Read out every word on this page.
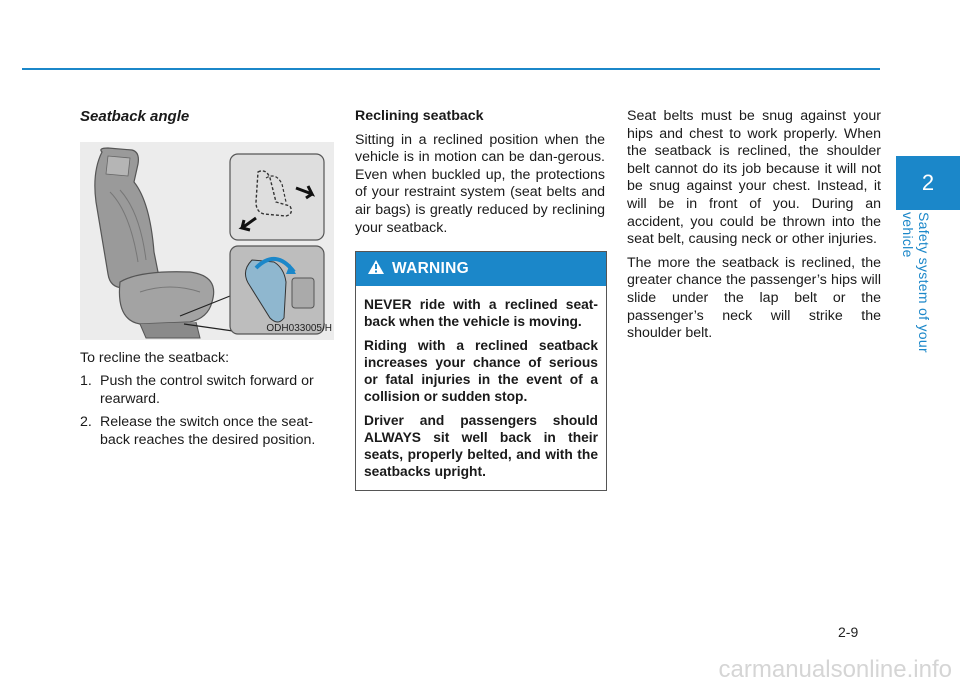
2
Safety system of your vehicle
Seatback angle
ODH033005/H
To recline the seatback:
1. Push the control switch forward or rearward.
2. Release the switch once the seat-back reaches the desired position.
Reclining seatback

Sitting in a reclined position when the vehicle is in motion can be dan-gerous. Even when buckled up, the protections of your restraint system (seat belts and air bags) is greatly reduced by reclining your seatback.

WARNING

NEVER ride with a reclined seat-back when the vehicle is moving.

Riding with a reclined seatback increases your chance of serious or fatal injuries in the event of a collision or sudden stop.

Driver and passengers should ALWAYS sit well back in their seats, properly belted, and with the seatbacks upright.

Seat belts must be snug against your hips and chest to work properly. When the seatback is reclined, the shoulder belt cannot do its job because it will not be snug against your chest. Instead, it will be in front of you. During an accident, you could be thrown into the seat belt, causing neck or other injuries.

The more the seatback is reclined, the greater chance the passenger’s hips will slide under the lap belt or the passenger’s neck will strike the shoulder belt.

2-9
carmanualsonline.info
